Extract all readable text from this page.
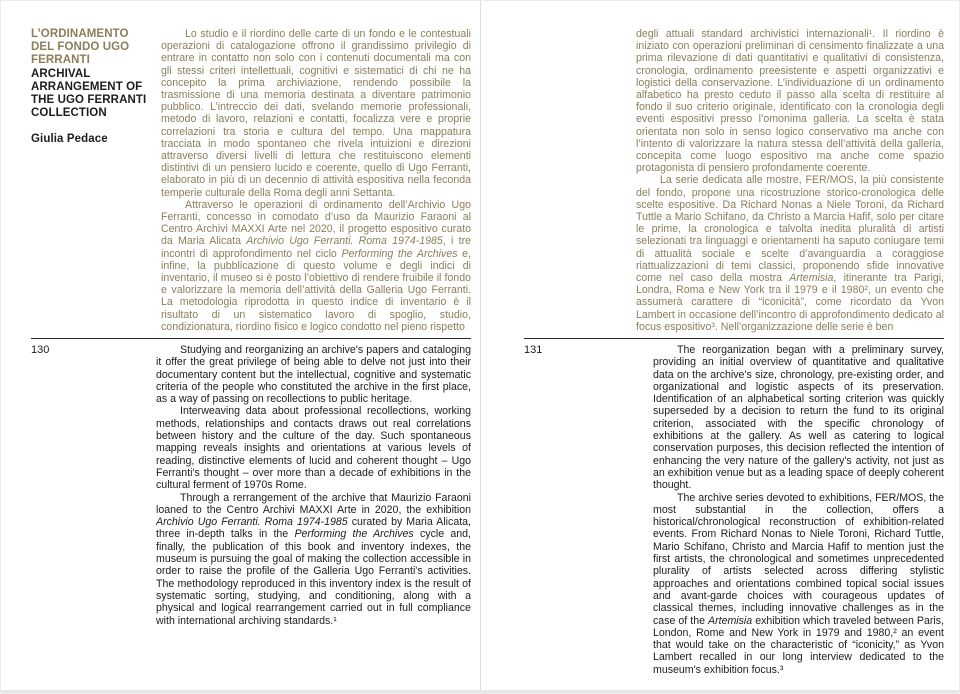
L’ORDINAMENTO
DEL FONDO UGO
FERRANTI
ARCHIVAL
ARRANGEMENT OF
THE UGO FERRANTI
COLLECTION
Giulia Pedace

Lo studio e il riordino delle carte di un fondo e le contestuali operazioni di catalogazione offrono il grandissimo privilegio di entrare in contatto non solo con i contenuti documentali ma con gli stessi criteri intellettuali, cognitivi e sistematici di chi ne ha concepito la prima archiviazione, rendendo possibile la trasmissione di una memoria destinata a diventare patrimonio pubblico. L’intreccio dei dati, svelando memorie professionali, metodo di lavoro, relazioni e contatti, focalizza vere e proprie correlazioni tra storia e cultura del tempo. Una mappatura tracciata in modo spontaneo che rivela intuizioni e direzioni attraverso diversi livelli di lettura che restituiscono elementi distintivi di un pensiero lucido e coerente, quello di Ugo Ferranti, elaborato in più di un decennio di attività espositiva nella feconda temperie culturale della Roma degli anni Settanta.

Attraverso le operazioni di ordinamento dell’Archivio Ugo Ferranti, concesso in comodato d’uso da Maurizio Faraoni al Centro Archivi MAXXI Arte nel 2020, il progetto espositivo curato da Maria Alicata Archivio Ugo Ferranti. Roma 1974-1985, i tre incontri di approfondimento nel ciclo Performing the Archives e, infine, la pubblicazione di questo volume e degli indici di inventario, il museo si è posto l’obiettivo di rendere fruibile il fondo e valorizzare la memoria dell’attività della Galleria Ugo Ferranti. La metodologia riprodotta in questo indice di inventario è il risultato di un sistematico lavoro di spoglio, studio, condizionatura, riordino fisico e logico condotto nel pieno rispetto

130	Studying and reorganizing an archive's papers and cataloging it offer the great privilege of being able to delve not just into their documentary content but the intellectual, cognitive and systematic criteria of the people who constituted the archive in the first place, as a way of passing on recollections to public heritage.

Interweaving data about professional recollections, working methods, relationships and contacts draws out real correlations between history and the culture of the day. Such spontaneous mapping reveals insights and orientations at various levels of reading, distinctive elements of lucid and coherent thought – Ugo Ferranti's thought – over more than a decade of exhibitions in the cultural ferment of 1970s Rome.

Through a rerrangement of the archive that Maurizio Faraoni loaned to the Centro Archivi MAXXI Arte in 2020, the exhibition Archivio Ugo Ferranti. Roma 1974-1985 curated by Maria Alicata, three in-depth talks in the Performing the Archives cycle and, finally, the publication of this book and inventory indexes, the museum is pursuing the goal of making the collection accessible in order to raise the profile of the Galleria Ugo Ferranti's activities. The methodology reproduced in this inventory index is the result of systematic sorting, studying, and conditioning, along with a physical and logical rearrangement carried out in full compliance with international archiving standards.¹

degli attuali standard archivistici internazionali¹. Il riordino è iniziato con operazioni preliminari di censimento finalizzate a una prima rilevazione di dati quantitativi e qualitativi di consistenza, cronologia, ordinamento preesistente e aspetti organizzativi e logistici della conservazione. L’individuazione di un ordinamento alfabetico ha presto ceduto il passo alla scelta di restituire al fondo il suo criterio originale, identificato con la cronologia degli eventi espositivi presso l’omonima galleria. La scelta è stata orientata non solo in senso logico conservativo ma anche con l’intento di valorizzare la natura stessa dell’attività della galleria, concepita come luogo espositivo ma anche come spazio protagonista di pensiero profondamente coerente.

La serie dedicata alle mostre, FER/MOS, la più consistente del fondo, propone una ricostruzione storico-cronologica delle scelte espositive. Da Richard Nonas a Niele Toroni, da Richard Tuttle a Mario Schifano, da Christo a Marcia Hafif, solo per citare le prime, la cronologica e talvolta inedita pluralità di artisti selezionati tra linguaggi e orientamenti ha saputo coniugare temi di attualità sociale e scelte d’avanguardia a coraggiose riattualizzazioni di temi classici, proponendo sfide innovative come nel caso della mostra Artemisia, itinerante tra Parigi, Londra, Roma e New York tra il 1979 e il 1980², un evento che assumerà carattere di “iconicità”, come ricordato da Yvon Lambert in occasione dell’incontro di approfondimento dedicato al focus espositivo³. Nell’organizzazione delle serie è ben

131	The reorganization began with a preliminary survey, providing an initial overview of quantitative and qualitative data on the archive's size, chronology, pre-existing order, and organizational and logistic aspects of its preservation. Identification of an alphabetical sorting criterion was quickly superseded by a decision to return the fund to its original criterion, associated with the specific chronology of exhibitions at the gallery. As well as catering to logical conservation purposes, this decision reflected the intention of enhancing the very nature of the gallery's activity, not just as an exhibition venue but as a leading space of deeply coherent thought.

The archive series devoted to exhibitions, FER/MOS, the most substantial in the collection, offers a historical/chronological reconstruction of exhibition-related events. From Richard Nonas to Niele Toroni, Richard Tuttle, Mario Schifano, Christo and Marcia Hafif to mention just the first artists, the chronological and sometimes unprecedented plurality of artists selected across differing stylistic approaches and orientations combined topical social issues and avant-garde choices with courageous updates of classical themes, including innovative challenges as in the case of the Artemisia exhibition which traveled between Paris, London, Rome and New York in 1979 and 1980,² an event that would take on the characteristic of “iconicity,” as Yvon Lambert recalled in our long interview dedicated to the museum's exhibition focus.³
